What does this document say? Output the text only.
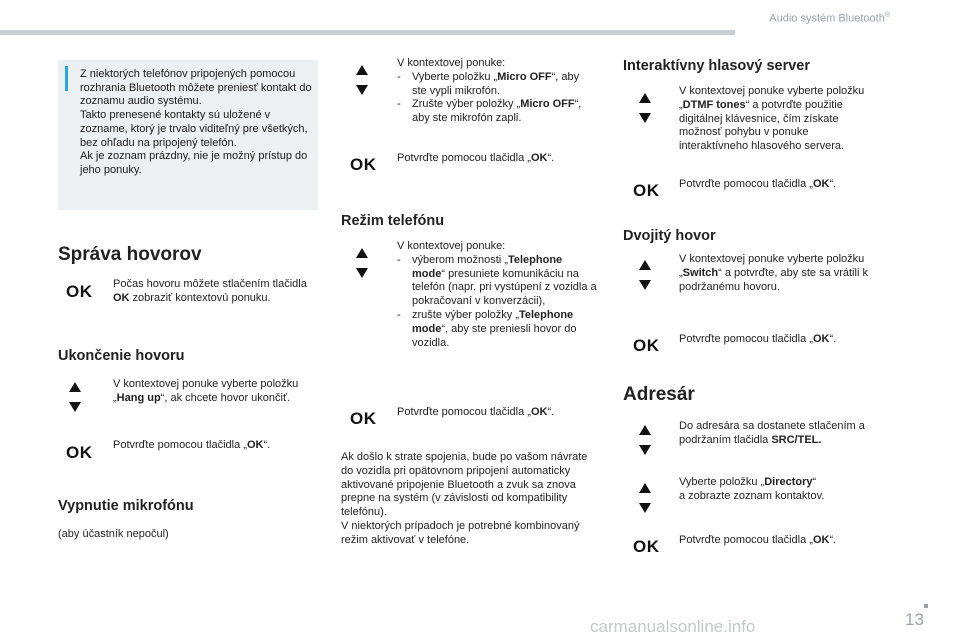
Audio systém Bluetooth®
Z niektorých telefónov pripojených pomocou rozhrania Bluetooth môžete preniesť kontakt do zoznamu audio systému.
Takto prenesené kontakty sú uložené v zozname, ktorý je trvalo viditeľný pre všetkých, bez ohľadu na pripojený telefón.
Ak je zoznam prázdny, nie je možný prístup do jeho ponuky.
Správa hovorov
OK Počas hovoru môžete stlačením tlačidla OK zobraziť kontextovú ponuku.
Ukončenie hovoru
V kontextovej ponuke vyberte položku „Hang up“, ak chcete hovor ukončiť.
OK Potvrďte pomocou tlačidla „OK“.
Vypnutie mikrofónu
(aby účastník nepočul)
V kontextovej ponuke:
-	Vyberte položku „Micro OFF“, aby ste vypli mikrofón.
-	Zrušte výber položky „Micro OFF“, aby ste mikrofón zapli.
OK Potvrďte pomocou tlačidla „OK“.
Režim telefónu
V kontextovej ponuke:
-	výberom možnosti „Telephone mode“ presuniete komunikáciu na telefón (napr. pri vystúpení z vozidla a pokračovaní v konverzácii),
-	zrušte výber položky „Telephone mode“, aby ste preniesli hovor do vozidla.
OK Potvrďte pomocou tlačidla „OK“.
Ak došlo k strate spojenia, bude po vašom návrate do vozidla pri opätovnom pripojení automaticky aktivované pripojenie Bluetooth a zvuk sa znova prepne na systém (v závislosti od kompatibility telefónu).
V niektorých prípadoch je potrebné kombinovaný režim aktivovať v telefóne.
Interaktívny hlasový server
V kontextovej ponuke vyberte položku „DTMF tones“ a potvrďte použitie digitálnej klávesnice, čím získate možnosť pohybu v ponuke interaktívneho hlasového servera.
OK Potvrďte pomocou tlačidla „OK“.
Dvojitý hovor
V kontextovej ponuke vyberte položku „Switch“ a potvrďte, aby ste sa vrátili k podržanému hovoru.
OK Potvrďte pomocou tlačidla „OK“.
Adresár
Do adresára sa dostanete stlačením a podržaním tlačidla SRC/TEL.
Vyberte položku „Directory“
a zobrazte zoznam kontaktov.
OK Potvrďte pomocou tlačidla „OK“.
carmanualsonline.info	13
